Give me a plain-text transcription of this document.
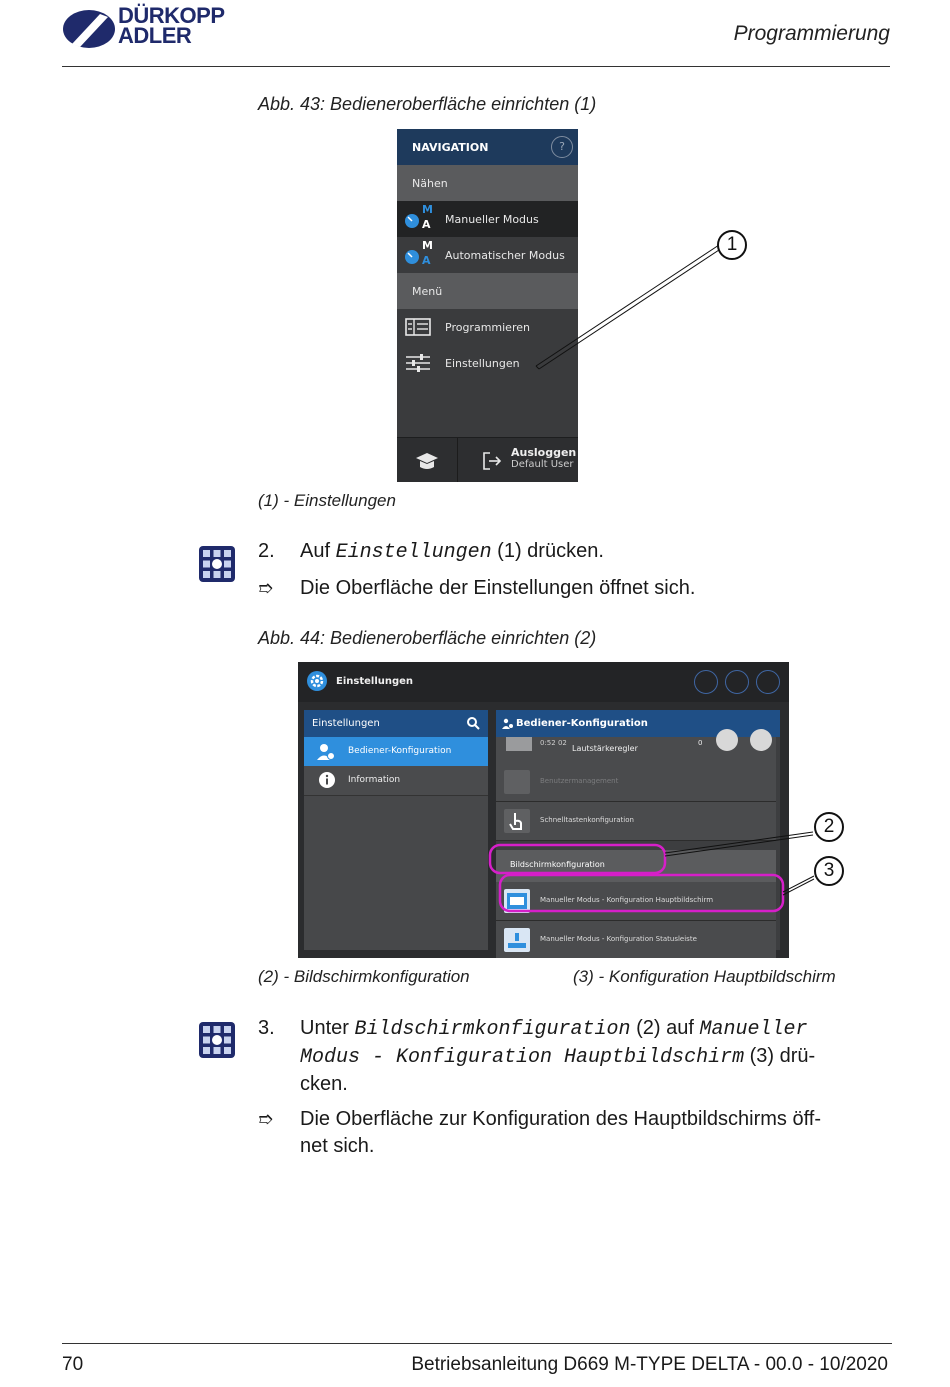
DÜRKOPP
ADLER	Programmierung
Abb. 43: Bedieneroberfläche einrichten (1)
NAVIGATION	?
Nähen
M
A Manueller Modus
M
A Automatischer Modus
Menü
Programmieren
Einstellungen
Ausloggen
Default User
1
(1) - Einstellungen
2. Auf Einstellungen (1) drücken.
➱ Die Oberfläche der Einstellungen öffnet sich.
Abb. 44: Bedieneroberfläche einrichten (2)
Einstellungen
Einstellungen
Bediener-Konfiguration
Information
Bediener-Konfiguration
0:52 02
Lautstärkeregler
0
Benutzermanagement
Schnelltastenkonfiguration
Bildschirmkonfiguration
Manueller Modus - Konfiguration Hauptbildschirm
Manueller Modus - Konfiguration Statusleiste
2
3
(2) - Bildschirmkonfiguration	(3) - Konfiguration Hauptbildschirm
3. Unter Bildschirmkonfiguration (2) auf Manueller
Modus - Konfiguration Hauptbildschirm (3) drü-
cken.
➱ Die Oberfläche zur Konfiguration des Hauptbildschirms öff-
net sich.
70	Betriebsanleitung D669 M-TYPE DELTA - 00.0 - 10/2020
